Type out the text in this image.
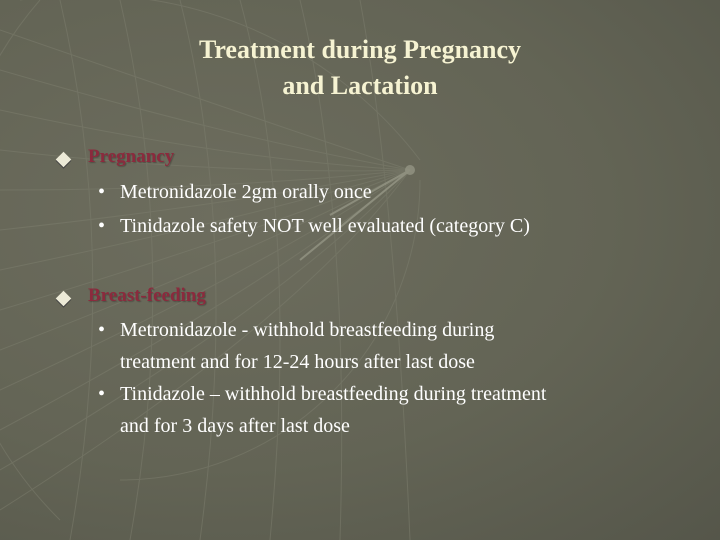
Treatment during Pregnancy
and Lactation
Pregnancy
• Metronidazole 2gm orally once
• Tinidazole safety NOT well evaluated (category C)
Breast-feeding
• Metronidazole - withhold breastfeeding during
treatment and for 12-24 hours after last dose
• Tinidazole – withhold breastfeeding during treatment
and for 3 days after last dose
